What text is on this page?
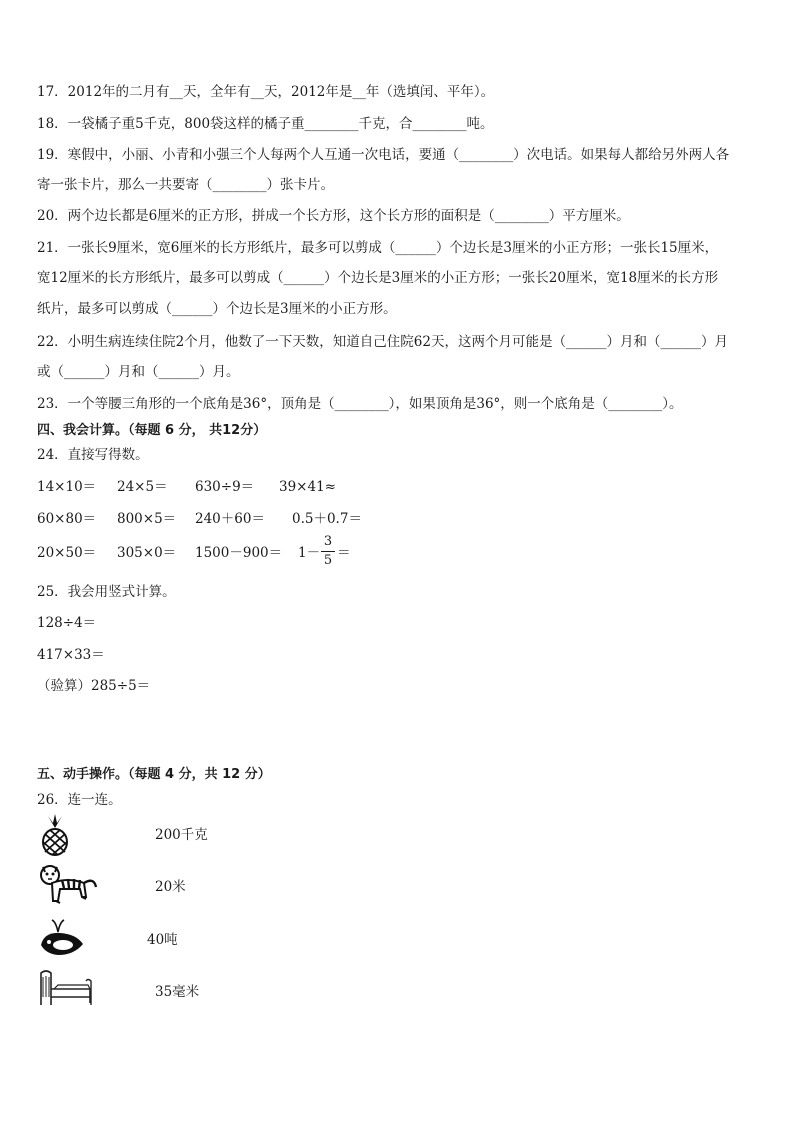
17．2012年的二月有__天，全年有__天，2012年是__年（选填闰、平年）。
18．一袋橘子重5千克，800袋这样的橘子重________千克，合________吨。
19．寒假中，小丽、小青和小强三个人每两个人互通一次电话，要通（________）次电话。如果每人都给另外两人各
寄一张卡片，那么一共要寄（________）张卡片。
20．两个边长都是6厘米的正方形，拼成一个长方形，这个长方形的面积是（________）平方厘米。
21．一张长9厘米，宽6厘米的长方形纸片，最多可以剪成（______）个边长是3厘米的小正方形；一张长15厘米，
宽12厘米的长方形纸片，最多可以剪成（______）个边长是3厘米的小正方形；一张长20厘米，宽18厘米的长方形
纸片，最多可以剪成（______）个边长是3厘米的小正方形。
22．小明生病连续住院2个月，他数了一下天数，知道自己住院62天，这两个月可能是（______）月和（______）月
或（______）月和（______）月。
23．一个等腰三角形的一个底角是36°，顶角是（________），如果顶角是36°，则一个底角是（________）。
四、我会计算。（每题 6 分， 共12分）
24．直接写得数。
14×10＝ 24×5＝ 630÷9＝ 39×41≈
60×80＝ 800×5＝ 240＋60＝ 0.5＋0.7＝
20×50＝ 305×0＝ 1500－900＝ 1－
3
5 ＝
25．我会用竖式计算。
128÷4＝
417×33＝
（验算）285÷5＝
五、动手操作。（每题 4 分，共 12 分）
26．连一连。
200千克
20米
40吨
35毫米
